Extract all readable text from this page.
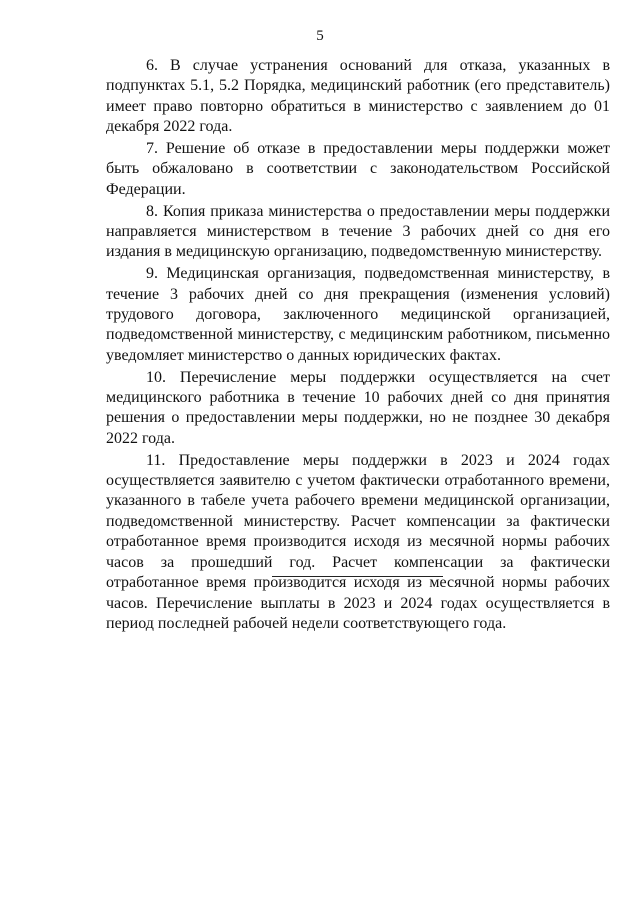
5

6. В случае устранения оснований для отказа, указанных в подпунктах 5.1, 5.2 Порядка, медицинский работник (его представитель) имеет право повторно обратиться в министерство с заявлением до 01 декабря 2022 года.

7. Решение об отказе в предоставлении меры поддержки может быть обжаловано в соответствии с законодательством Российской Федерации.

8. Копия приказа министерства о предоставлении меры поддержки направляется министерством в течение 3 рабочих дней со дня его издания в медицинскую организацию, подведомственную министерству.

9. Медицинская организация, подведомственная министерству, в течение 3 рабочих дней со дня прекращения (изменения условий) трудового договора, заключенного медицинской организацией, подведомственной министерству, с медицинским работником, письменно уведомляет министерство о данных юридических фактах.

10. Перечисление меры поддержки осуществляется на счет медицинского работника в течение 10 рабочих дней со дня принятия решения о предоставлении меры поддержки, но не позднее 30 декабря 2022 года.

11. Предоставление меры поддержки в 2023 и 2024 годах осуществляется заявителю с учетом фактически отработанного времени, указанного в табеле учета рабочего времени медицинской организации, подведомственной министерству. Расчет компенсации за фактически отработанное время производится исходя из месячной нормы рабочих часов за прошедший год. Расчет компенсации за фактически отработанное время производится исходя из месячной нормы рабочих часов. Перечисление выплаты в 2023 и 2024 годах осуществляется в период последней рабочей недели соответствующего года.
